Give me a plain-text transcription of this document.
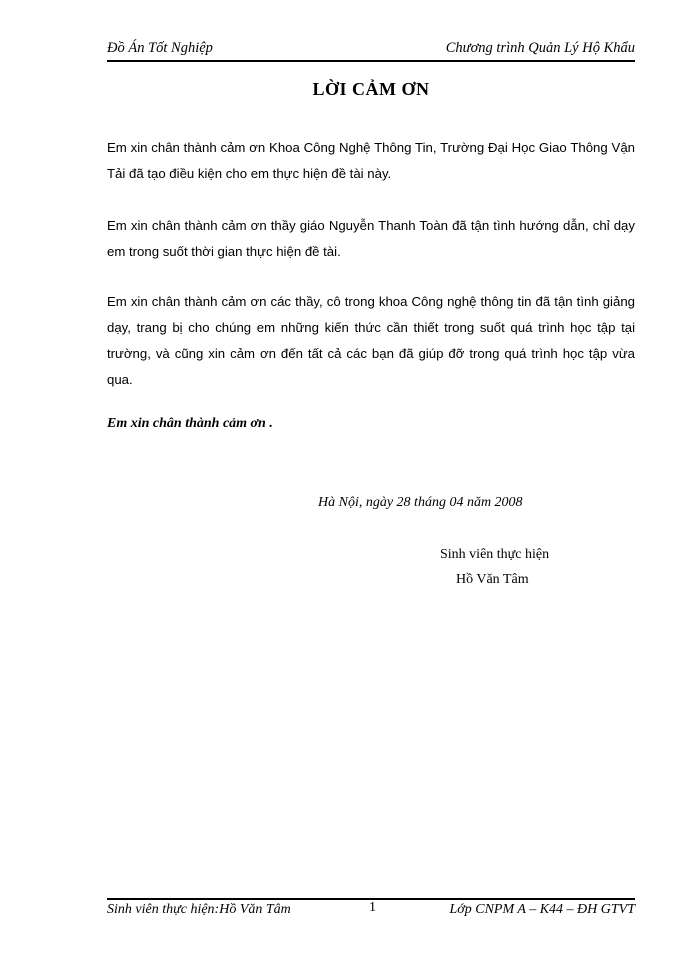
Đồ Án Tốt Nghiệp	Chương trình Quản Lý Hộ Khẩu
LỜI CẢM ƠN

Em xin chân thành cảm ơn Khoa Công Nghệ Thông Tin, Trường Đại Học Giao Thông Vận Tải đã tạo điều kiện cho em thực hiện đề tài này.

Em xin chân thành cảm ơn thầy giáo Nguyễn Thanh Toàn đã tận tình hướng dẫn, chỉ dạy em trong suốt thời gian thực hiện đề tài.

Em xin chân thành cảm ơn các thầy, cô trong khoa Công nghệ thông tin đã tận tình giảng dạy, trang bị cho chúng em những kiến thức cần thiết trong suốt quá trình học tập tại trường, và cũng xin cảm ơn đến tất cả các bạn đã giúp đỡ trong quá trình học tập vừa qua.

Em xin chân thành cảm ơn .
Hà Nội, ngày 28 tháng 04 năm 2008
Sinh viên thực hiện
Hồ Văn Tâm
Sinh viên thực hiện:Hồ Văn Tâm	1	Lớp CNPM A – K44 – ĐH GTVT
